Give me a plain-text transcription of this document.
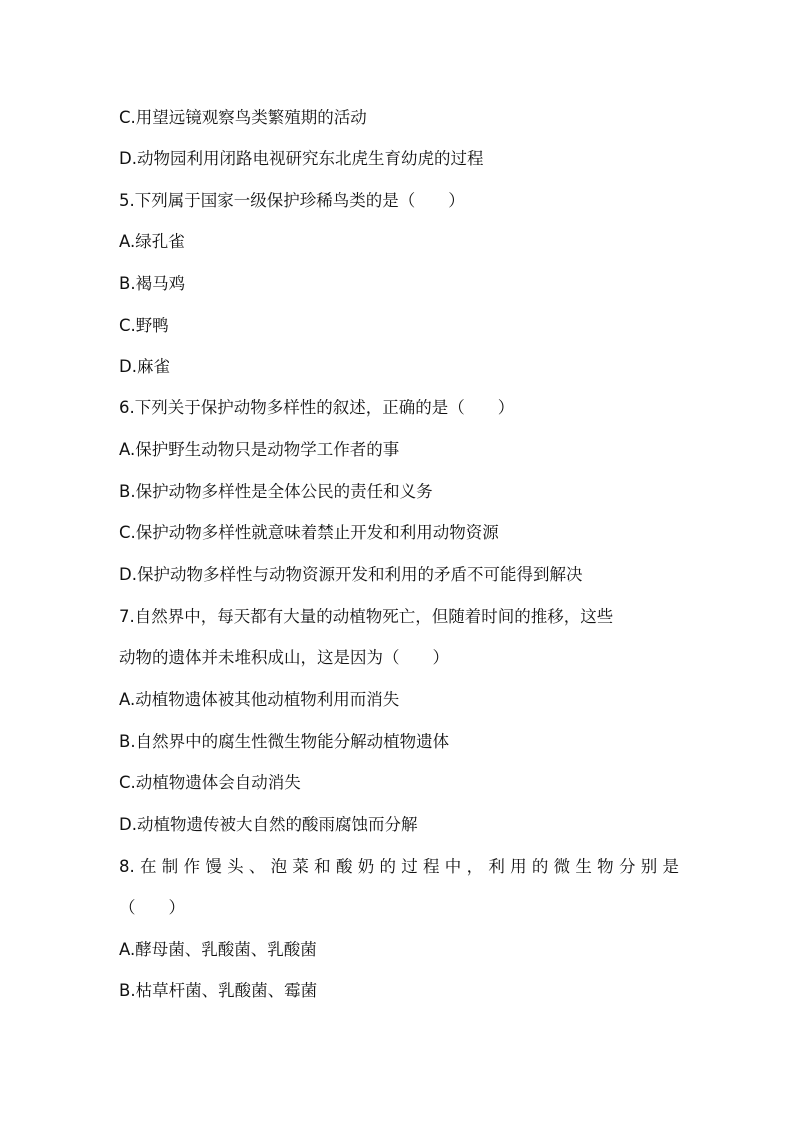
C.用望远镜观察鸟类繁殖期的活动
D.动物园利用闭路电视研究东北虎生育幼虎的过程
5.下列属于国家一级保护珍稀鸟类的是（　　）
A.绿孔雀
B.褐马鸡
C.野鸭
D.麻雀
6.下列关于保护动物多样性的叙述，正确的是（　　）
A.保护野生动物只是动物学工作者的事
B.保护动物多样性是全体公民的责任和义务
C.保护动物多样性就意味着禁止开发和利用动物资源
D.保护动物多样性与动物资源开发和利用的矛盾不可能得到解决
7.自然界中，每天都有大量的动植物死亡，但随着时间的推移，这些
动物的遗体并未堆积成山，这是因为（　　）
A.动植物遗体被其他动植物利用而消失
B.自然界中的腐生性微生物能分解动植物遗体
C.动植物遗体会自动消失
D.动植物遗传被大自然的酸雨腐蚀而分解
8.在制作馒头、泡菜和酸奶的过程中，利用的微生物分别是
（　　）
A.酵母菌、乳酸菌、乳酸菌
B.枯草杆菌、乳酸菌、霉菌
